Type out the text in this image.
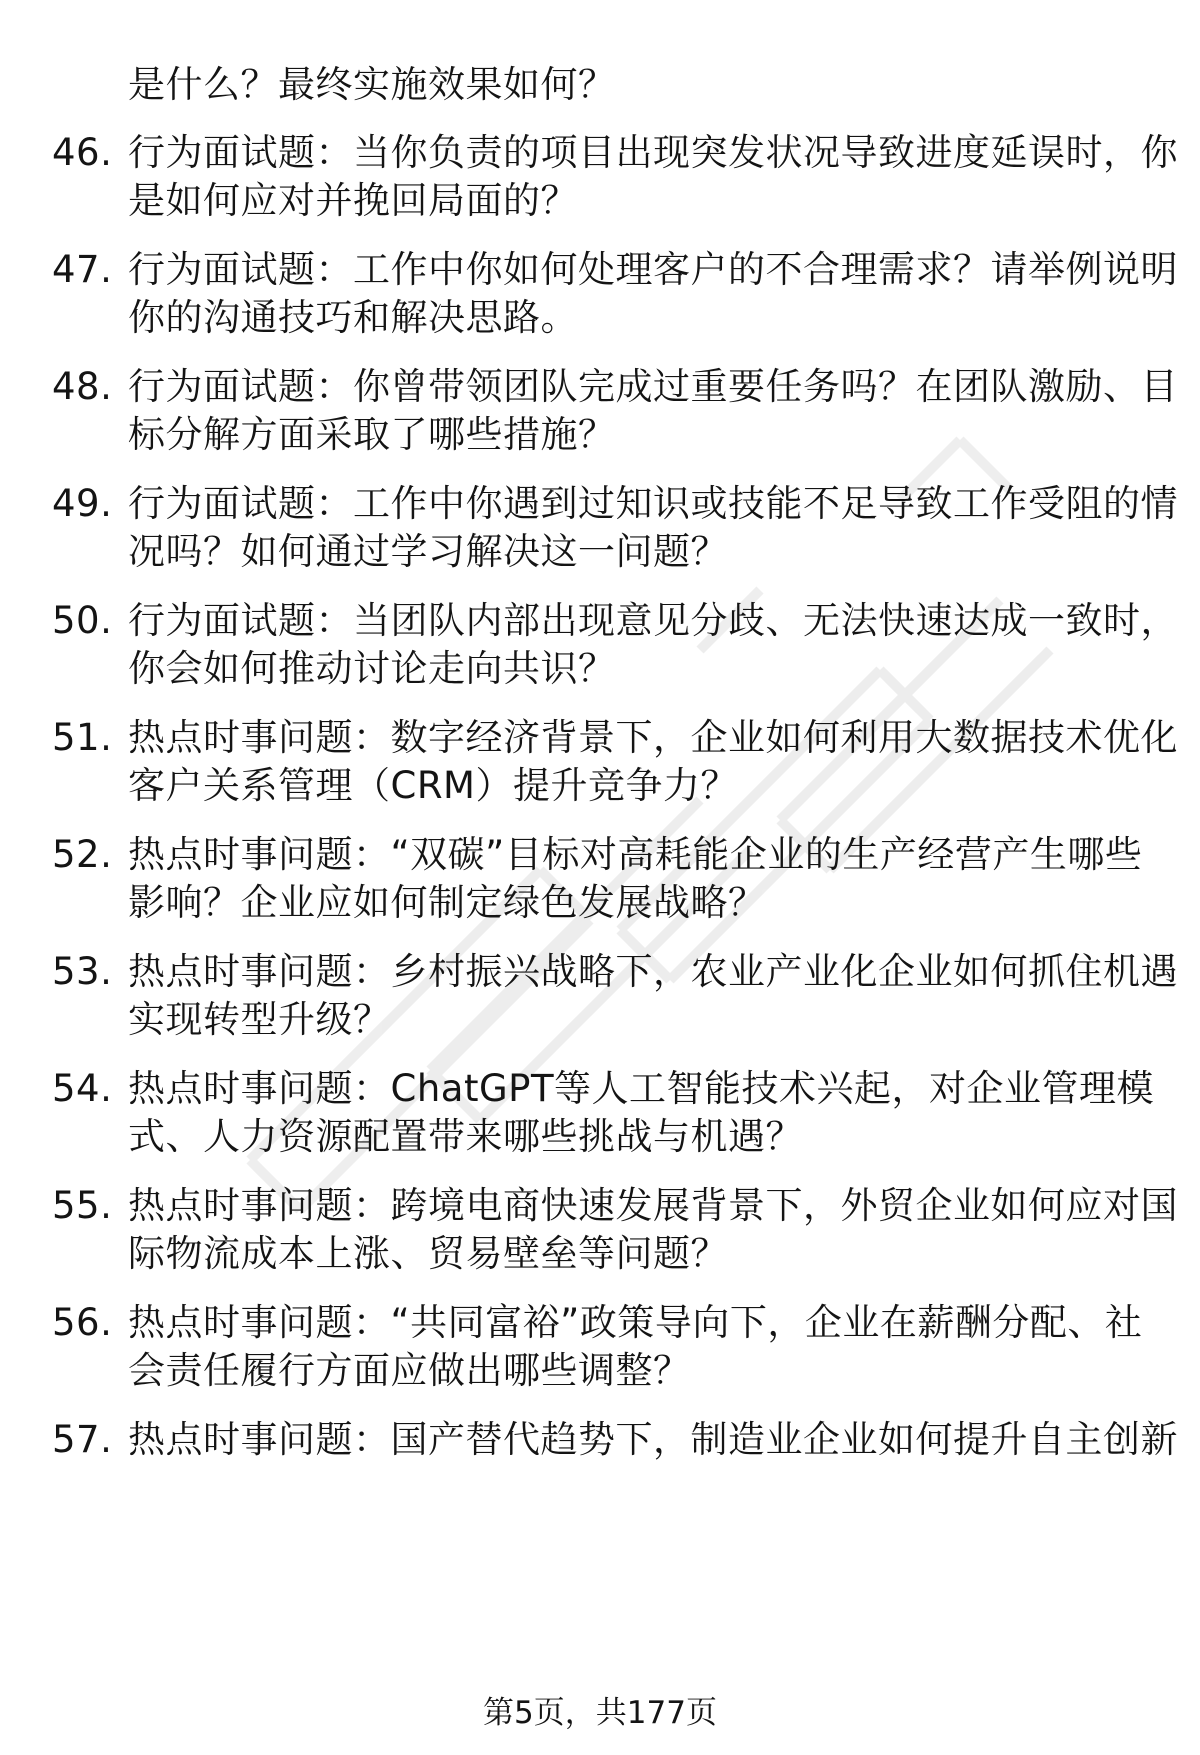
是什么？最终实施效果如何？
46. 行为面试题：当你负责的项目出现突发状况导致进度延误时，你
是如何应对并挽回局面的？
47. 行为面试题：工作中你如何处理客户的不合理需求？请举例说明
你的沟通技巧和解决思路。
48. 行为面试题：你曾带领团队完成过重要任务吗？在团队激励、目
标分解方面采取了哪些措施？
49. 行为面试题：工作中你遇到过知识或技能不足导致工作受阻的情
况吗？如何通过学习解决这一问题？
50. 行为面试题：当团队内部出现意见分歧、无法快速达成一致时，
你会如何推动讨论走向共识？
51. 热点时事问题：数字经济背景下，企业如何利用大数据技术优化
客户关系管理（CRM）提升竞争力？
52. 热点时事问题：“双碳”目标对高耗能企业的生产经营产生哪些
影响？企业应如何制定绿色发展战略？
53. 热点时事问题：乡村振兴战略下，农业产业化企业如何抓住机遇
实现转型升级？
54. 热点时事问题：ChatGPT等人工智能技术兴起，对企业管理模
式、人力资源配置带来哪些挑战与机遇？
55. 热点时事问题：跨境电商快速发展背景下，外贸企业如何应对国
际物流成本上涨、贸易壁垒等问题？
56. 热点时事问题：“共同富裕”政策导向下，企业在薪酬分配、社
会责任履行方面应做出哪些调整？
57. 热点时事问题：国产替代趋势下，制造业企业如何提升自主创新
第5页，共177页
